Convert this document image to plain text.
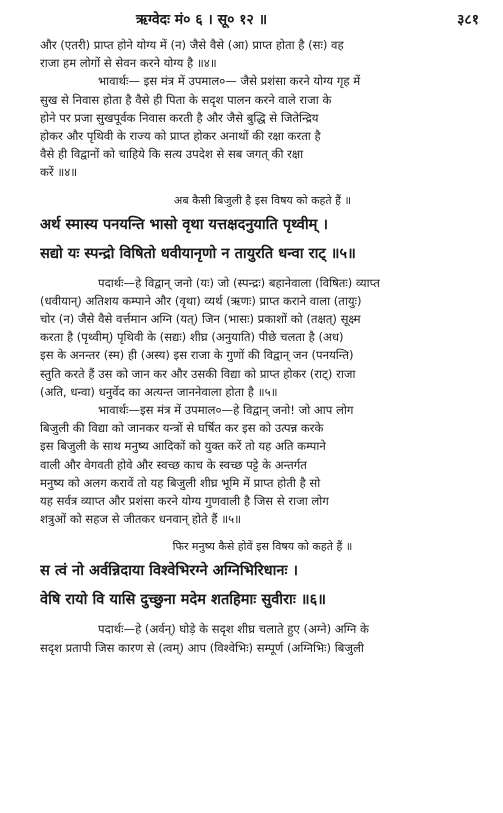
ऋग्वेदः मं० ६ । सू० १२ ॥	३८१
और (एतरी) प्राप्त होने योग्य में (न) जैसे वैसे (आ) प्राप्त होता है (सः) वह
राजा हम लोगों से सेवन करने योग्य है ॥४॥
भावार्थः— इस मंत्र में उपमाल०— जैसे प्रशंसा करने योग्य गृह में
सुख से निवास होता है वैसे ही पिता के सदृश पालन करने वाले राजा के
होने पर प्रजा सुखपूर्वक निवास करती है और जैसे बुद्धि से जितेन्द्रिय
होकर और पृथिवी के राज्य को प्राप्त होकर अनाथों की रक्षा करता है
वैसे ही विद्वानों को चाहिये कि सत्य उपदेश से सब जगत् की रक्षा
करें ॥४॥
अब कैसी बिजुली है इस विषय को कहते हैं ॥
अर्थ स्मास्य पनयन्ति भासो वृथा यत्तक्षदनुयाति पृथ्वीम् ।
सद्यो यः स्पन्द्रो विषितो धवीयानृणो न तायुरति धन्वा राट् ॥५॥
पदार्थः—हे विद्वान् जनो (यः) जो (स्पन्द्रः) बहानेवाला (विषितः) व्याप्त
(धवीयान्) अतिशय कम्पाने और (वृथा) व्यर्थ (ऋणः) प्राप्त कराने वाला (तायुः)
चोर (न) जैसे वैसे वर्त्तमान अग्नि (यत्) जिन (भासः) प्रकाशों को (तक्षत्) सूक्ष्म
करता है (पृथ्वीम्) पृथिवी के (सद्यः) शीघ्र (अनुयाति) पीछे चलता है (अध)
इस के अनन्तर (स्म) ही (अस्य) इस राजा के गुणों की विद्वान् जन (पनयन्ति)
स्तुति करते हैं उस को जान कर और उसकी विद्या को प्राप्त होकर (राट्) राजा
(अति, धन्वा) धनुर्वेद का अत्यन्त जाननेवाला होता है ॥५॥
भावार्थः—इस मंत्र में उपमाल०—हे विद्वान् जनो! जो आप लोग
बिजुली की विद्या को जानकर यन्त्रों से घर्षित कर इस को उत्पन्न करके
इस बिजुली के साथ मनुष्य आदिकों को युक्त करें तो यह अति कम्पाने
वाली और वेगवती होवे और स्वच्छ काच के स्वच्छ पट्टे के अन्तर्गत
मनुष्य को अलग करावें तो यह बिजुली शीघ्र भूमि में प्राप्त होती है सो
यह सर्वत्र व्याप्त और प्रशंसा करने योग्य गुणवाली है जिस से राजा लोग
शत्रुओं को सहज से जीतकर धनवान् होते हैं ॥५॥
फिर मनुष्य कैसे होवें इस विषय को कहते हैं ॥
स त्वं नो अर्वन्निदाया विश्वेभिरग्ने अग्निभिरिधानः ।
वेषि रायो वि यासि दुच्छुना मदेम शतहिमाः सुवीराः ॥६॥
पदार्थः—हे (अर्वन्) घोड़े के सदृश शीघ्र चलाते हुए (अग्ने) अग्नि के
सदृश प्रतापी जिस कारण से (त्वम्) आप (विश्वेभिः) सम्पूर्ण (अग्निभिः) बिजुली
